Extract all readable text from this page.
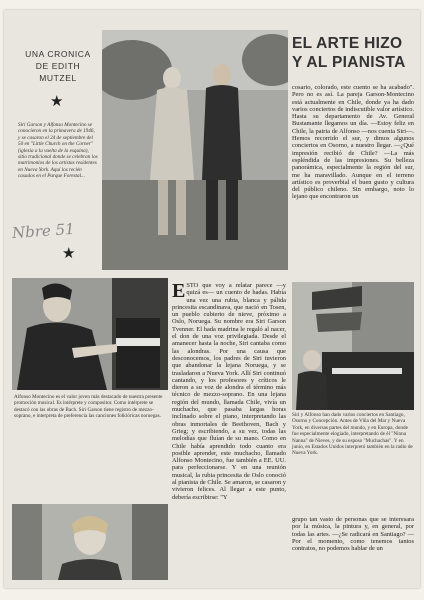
UNA CRONICA DE EDITH MUTZEL
★
Siri Garson y Alfonso Montecino se conocieron en la primavera de 1946, y se casaron el 24 de septiembre del 50 en "Little Church on the Corner" (iglesia a la vuelta de la esquina), sitio tradicional donde se celebran los matrimonios de los artistas residentes en Nueva York. Aquí los recién casados en el Parque Forestal...
Nbre 51
★
EL ARTE HIZO Y AL PIANISTA

cosario, colorado, este cuento se ha acabado". Pero no es así. La pareja Garson-Montecino está actualmente en Chile, donde ya ha dado varios conciertos de indiscutible valor artístico. Hasta su departamento de Av. General Bustamante llegamos un día. —Estoy feliz en Chile, la patria de Alfonso —nos cuenta Siri—. Hemos recorrido el sur, y dimos algunos conciertos en Osorno, a nuestro llegar. —¿Qué impresión recibió de Chile? —La más espléndida de las impresiones. Su belleza panorámica, especialmente la región del sur, me ha maravillado. Aunque en el terreno artístico es proverbial el buen gusto y cultura del público chileno. Sin embargo, noto lo lejano que encontraron un

Alfonso Montecino es el valor joven más destacado de nuestra presente promoción musical. Es intérprete y compositor. Como intérprete se destacó con las obras de Bach. Siri Garson tiene registro de mezzo-soprano, e interpreta de preferencia las canciones folklóricas noruegas.

ESTO que voy a relatar parece —y quizá es— un cuento de hadas. Había una vez una rubia, blanca y pálida princesita escandinava, que nació en Tosen, un pueblo cubierto de nieve, próximo a Oslo, Noruega. Su nombre era Siri Garson Tvenner. El hada madrina le regaló al nacer, el don de una voz privilegiada. Desde el amanecer hasta la noche, Siri cantaba como las alondras. Por una causa que desconocemos, los padres de Siri tuvieron que abandonar la lejana Noruega, y se trasladaron a Nueva York. Allí Siri continuó cantando, y los profesores y críticos le dieron a su voz de alondra el término más técnico de mezzo-soprano. En una lejana región del mundo, llamada Chile, vivía un muchacho, que pasaba largas horas inclinado sobre el piano, interpretando las obras inmortales de Beethoven, Bach y Grieg; y escribiendo, a su vez, todas las melodías que fluían de su mano. Como en Chile había aprendido todo cuanto era posible aprender, este muchacho, llamado Alfonso Montecino, fue también a EE. UU. para perfeccionarse. Y en una reunión musical, la rubia princesita de Oslo conoció al pianista de Chile. Se amaron, se casaron y vivieron felices. Al llegar a este punto, debería escribirse: "Y

Siri y Alfonso han dado varios conciertos en Santiago, Osorno y Concepción. Antes de Viña del Mar y Nueva York, en diversas partes del mundo, y en Europa, donde fue especialmente elogiado, interpretando de él "Ninna Nanna" de Nieves, y de su esposo "Muchachas". Y en junio, en Estados Unidos interpretó también en la radio de Nueva York.

grupo tan vasto de personas que se interesara por la música, la pintura y, en general, por todas las artes. —¿Se radicará en Santiago? —Por el momento, como tenemos tantos contratos, no podemos hablar de un
